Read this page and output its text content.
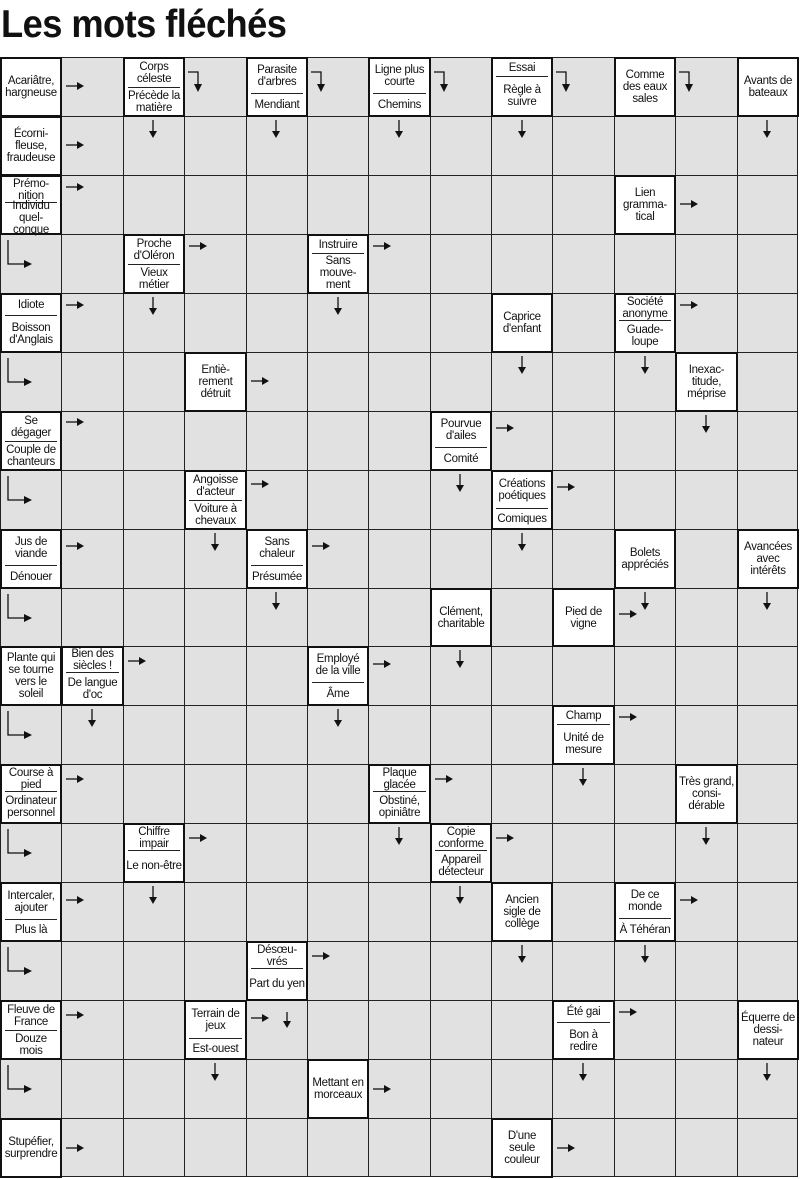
Les mots fléchés
Acariâtre, hargneuse
Corps céleste
Précède la matière
Parasite d'arbres
Mendiant
Ligne plus courte
Chemins
Essai
Règle à suivre
Comme des eaux sales
Avants de bateaux
Écorni-fleuse, fraudeuse
Prémo-nition
Individu quel-conque
Lien gramma-tical
Proche d'Oléron
Vieux métier
Instruire
Sans mouve-ment
Idiote
Boisson d'Anglais
Caprice d'enfant
Société anonyme
Guade-loupe
Entiè-rement détruit
Inexac-titude, méprise
Se dégager
Couple de chanteurs
Pourvue d'ailes
Comité
Angoisse d'acteur
Voiture à chevaux
Créations poétiques
Comiques
Jus de viande
Dénouer
Sans chaleur
Présumée
Bolets appréciés
Avancées avec intérêts
Clément, charitable
Pied de vigne
Plante qui se tourne vers le soleil
Bien des siècles !
De langue d'oc
Employé de la ville
Âme
Champ
Unité de mesure
Course à pied
Ordinateur personnel
Plaque glacée
Obstiné, opiniâtre
Très grand, consi-dérable
Chiffre impair
Le non-être
Copie conforme
Appareil détecteur
Intercaler, ajouter
Plus là
Ancien sigle de collège
De ce monde
À Téhéran
Désœu-vrés
Part du yen
Fleuve de France
Douze mois
Terrain de jeux
Est-ouest
Été gai
Bon à redire
Équerre de dessi-nateur
Mettant en morceaux
Stupéfier, surprendre
D'une seule couleur
